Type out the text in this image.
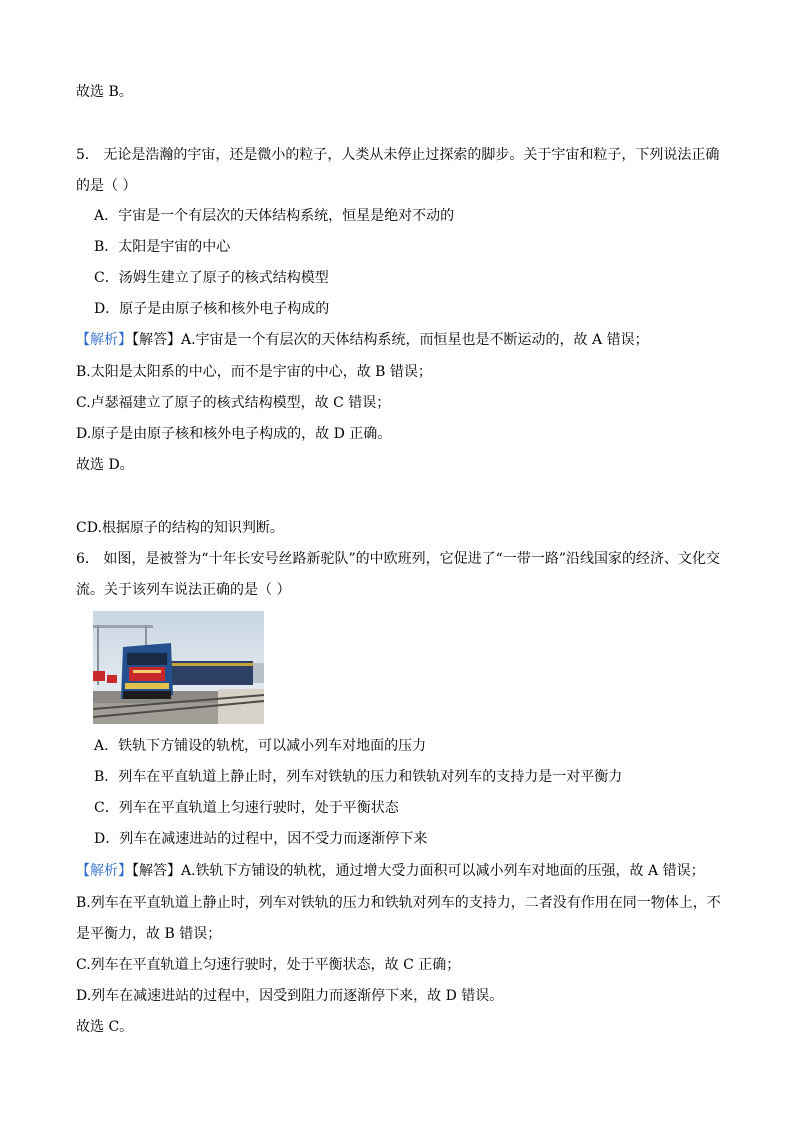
故选 B。
5． 无论是浩瀚的宇宙，还是微小的粒子，人类从未停止过探索的脚步。关于宇宙和粒子，下列说法正确
的是（ ）
A．宇宙是一个有层次的天体结构系统，恒星是绝对不动的
B．太阳是宇宙的中心
C．汤姆生建立了原子的核式结构模型
D．原子是由原子核和核外电子构成的
【解析】【解答】A.宇宙是一个有层次的天体结构系统，而恒星也是不断运动的，故 A 错误；
B.太阳是太阳系的中心，而不是宇宙的中心，故 B 错误；
C.卢瑟福建立了原子的核式结构模型，故 C 错误；
D.原子是由原子核和核外电子构成的，故 D 正确。
故选 D。
CD.根据原子的结构的知识判断。
6． 如图，是被誉为“十年长安号丝路新驼队”的中欧班列，它促进了“一带一路”沿线国家的经济、文化交
流。关于该列车说法正确的是（ ）
A．铁轨下方铺设的轨枕，可以减小列车对地面的压力
B．列车在平直轨道上静止时，列车对铁轨的压力和铁轨对列车的支持力是一对平衡力
C．列车在平直轨道上匀速行驶时，处于平衡状态
D．列车在减速进站的过程中，因不受力而逐渐停下来
【解析】【解答】A.铁轨下方铺设的轨枕，通过增大受力面积可以减小列车对地面的压强，故 A 错误；
B.列车在平直轨道上静止时，列车对铁轨的压力和铁轨对列车的支持力，二者没有作用在同一物体上，不
是平衡力，故 B 错误；
C.列车在平直轨道上匀速行驶时，处于平衡状态，故 C 正确；
D.列车在减速进站的过程中，因受到阻力而逐渐停下来，故 D 错误。
故选 C。
